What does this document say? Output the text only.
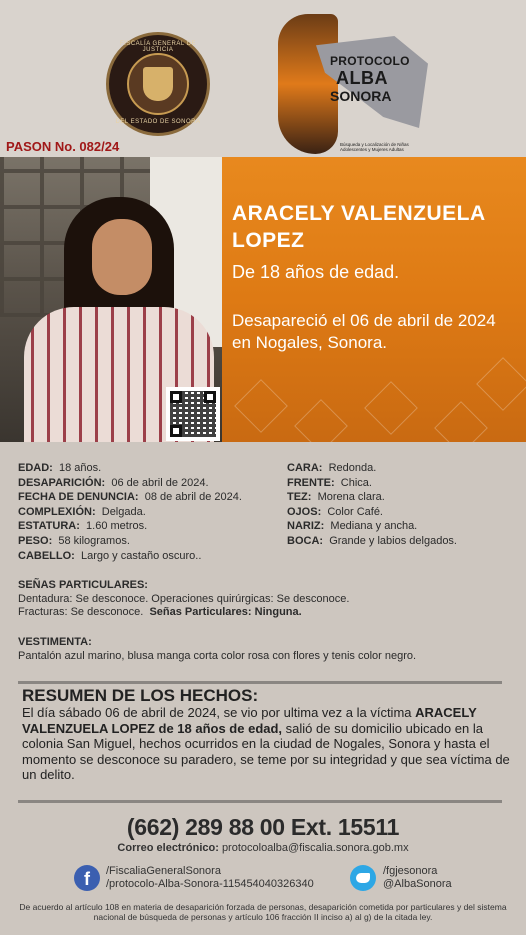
FISCALÍA GENERAL DE JUSTICIA
DEL ESTADO DE SONORA
PASON No. 082/24
PROTOCOLO
ALBA
SONORA
Búsqueda y Localización de Niñas Adolescentes y Mujeres Adultas
ARACELY VALENZUELA LOPEZ
De 18 años de edad.
Desapareció el 06 de abril de 2024 en Nogales, Sonora.
EDAD: 18 años.
DESAPARICIÓN: 06 de abril de 2024.
FECHA DE DENUNCIA: 08 de abril de 2024.
COMPLEXIÓN: Delgada.
ESTATURA: 1.60 metros.
PESO: 58 kilogramos.
CABELLO: Largo y castaño oscuro..
CARA: Redonda.
FRENTE: Chica.
TEZ: Morena clara.
OJOS: Color Café.
NARIZ: Mediana y ancha.
BOCA: Grande y labios delgados.
SEÑAS PARTICULARES:
Dentadura: Se desconoce. Operaciones quirúrgicas: Se desconoce.
Fracturas: Se desconoce. Señas Particulares: Ninguna.
VESTIMENTA:
Pantalón azul marino, blusa manga corta color rosa con flores y tenis color negro.
RESUMEN DE LOS HECHOS:
El día sábado 06 de abril de 2024, se vio por ultima vez a la víctima ARACELY VALENZUELA LOPEZ de 18 años de edad, salió de su domicilio ubicado en la colonia San Miguel, hechos ocurridos en la ciudad de Nogales, Sonora y hasta el momento se desconoce su paradero, se teme por su integridad y que sea víctima de un delito.
(662) 289 88 00 Ext. 15511
Correo electrónico: protocoloalba@fiscalia.sonora.gob.mx
f	/FiscaliaGeneralSonora
/protocolo-Alba-Sonora-115454040326340
/fgjesonora
@AlbaSonora
De acuerdo al artículo 108 en materia de desaparición forzada de personas, desaparición cometida por particulares y del sistema nacional de búsqueda de personas y artículo 106 fracción II inciso a) al g) de la citada ley.
